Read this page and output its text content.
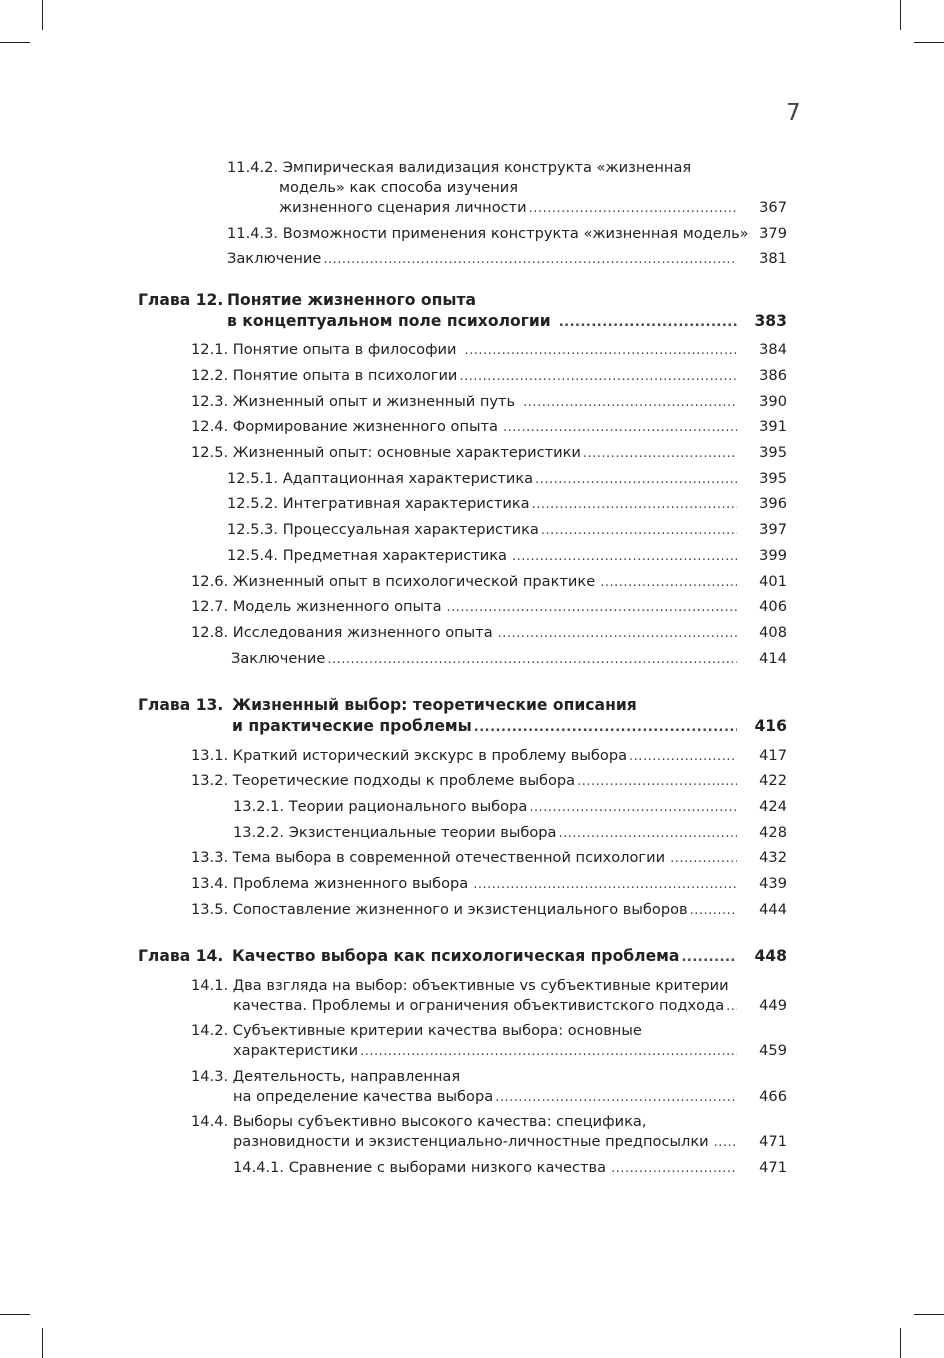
7
11.4.2. Эмпирическая валидизация конструкта «жизненная
модель» как способа изучения
жизненного сценария личности .....	367
11.4.3. Возможности применения конструкта «жизненная модель» 379
Заключение .....	381
Глава 12. Понятие жизненного опыта
в концептуальном поле психологии .....	383
12.1. Понятие опыта в философии .....	384
12.2. Понятие опыта в психологии .....	386
12.3. Жизненный опыт и жизненный путь .....	390
12.4. Формирование жизненного опыта .....	391
12.5. Жизненный опыт: основные характеристики .....	395
12.5.1. Адаптационная характеристика .....	395
12.5.2. Интегративная характеристика .....	396
12.5.3. Процессуальная характеристика .....	397
12.5.4. Предметная характеристика .....	399
12.6. Жизненный опыт в психологической практике .....	401
12.7. Модель жизненного опыта .....	406
12.8. Исследования жизненного опыта .....	408
Заключение .....	414
Глава 13. Жизненный выбор: теоретические описания
и практические проблемы .....	416
13.1. Краткий исторический экскурс в проблему выбора .....	417
13.2. Теоретические подходы к проблеме выбора .....	422
13.2.1. Теории рационального выбора .....	424
13.2.2. Экзистенциальные теории выбора .....	428
13.3. Тема выбора в современной отечественной психологии .....	432
13.4. Проблема жизненного выбора .....	439
13.5. Сопоставление жизненного и экзистенциального выборов .....	444
Глава 14. Качество выбора как психологическая проблема .....	448
14.1. Два взгляда на выбор: объективные vs субъективные критерии
качества. Проблемы и ограничения объективистского подхода .....	449
14.2. Субъективные критерии качества выбора: основные
характеристики .....	459
14.3. Деятельность, направленная
на определение качества выбора .....	466
14.4. Выборы субъективно высокого качества: специфика,
разновидности и экзистенциально-личностные предпосылки .....	471
14.4.1. Сравнение с выборами низкого качества .....	471
